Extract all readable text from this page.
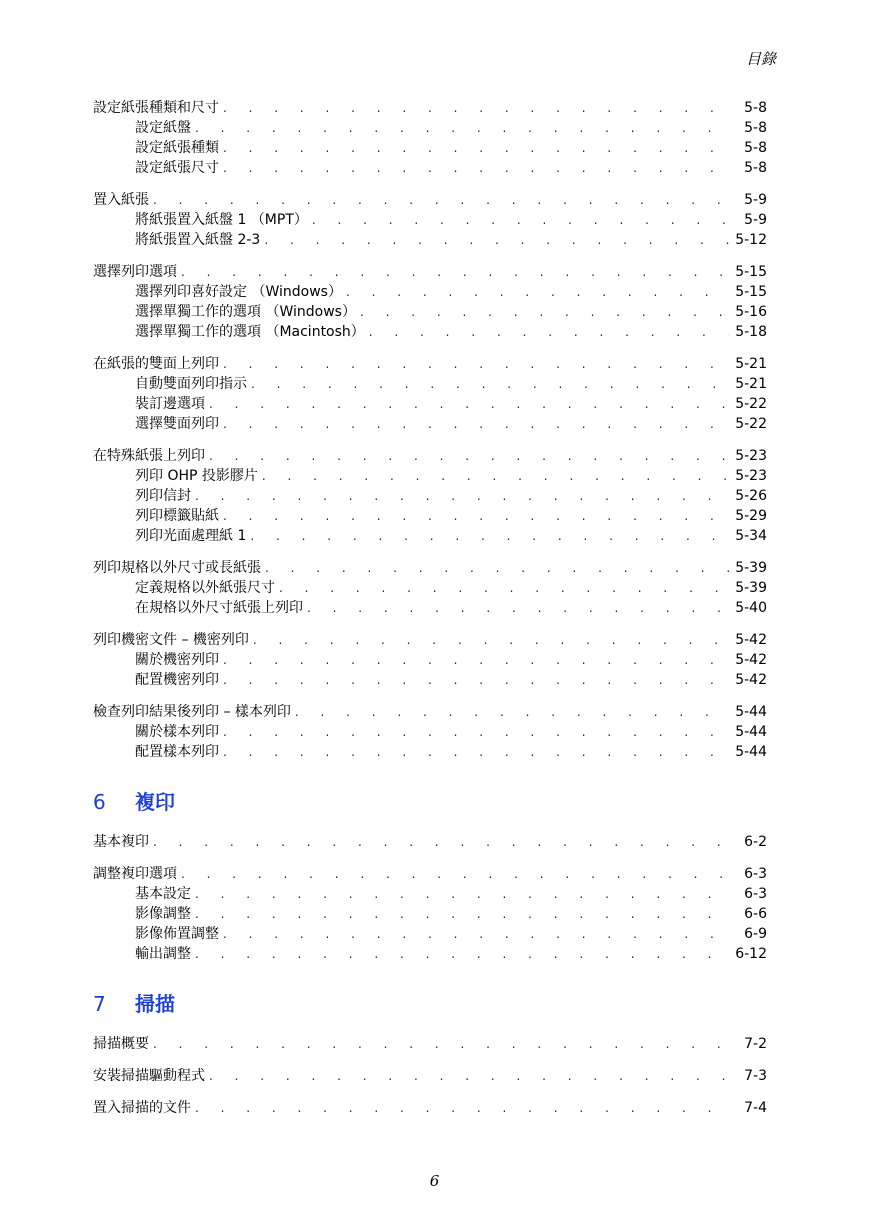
目錄
設定紙張種類和尺寸 . . .	5-8
設定紙盤 . . .	5-8
設定紙張種類 . . .	5-8
設定紙張尺寸 . . .	5-8
置入紙張 . . .	5-9
將紙張置入紙盤 1 （MPT） . . .	5-9
將紙張置入紙盤 2-3 . . .	5-12
選擇列印選項 . . .	5-15
選擇列印喜好設定 （Windows） . . .	5-15
選擇單獨工作的選項 （Windows） . . .	5-16
選擇單獨工作的選項 （Macintosh） . . .	5-18
在紙張的雙面上列印 . . .	5-21
自動雙面列印指示 . . .	5-21
裝訂邊選項 . . .	5-22
選擇雙面列印 . . .	5-22
在特殊紙張上列印 . . .	5-23
列印 OHP 投影膠片 . . .	5-23
列印信封 . . .	5-26
列印標籤貼紙 . . .	5-29
列印光面處理紙 1 . . .	5-34
列印規格以外尺寸或長紙張 . . .	5-39
定義規格以外紙張尺寸 . . .	5-39
在規格以外尺寸紙張上列印 . . .	5-40
列印機密文件 – 機密列印 . . .	5-42
關於機密列印 . . .	5-42
配置機密列印 . . .	5-42
檢查列印結果後列印 – 樣本列印 . . .	5-44
關於樣本列印 . . .	5-44
配置樣本列印 . . .	5-44
6	複印
基本複印 . . .	6-2
調整複印選項 . . .	6-3
基本設定 . . .	6-3
影像調整 . . .	6-6
影像佈置調整 . . .	6-9
輸出調整 . . .	6-12
7	掃描
掃描概要 . . .	7-2
安裝掃描驅動程式 . . .	7-3
置入掃描的文件 . . .	7-4
6
